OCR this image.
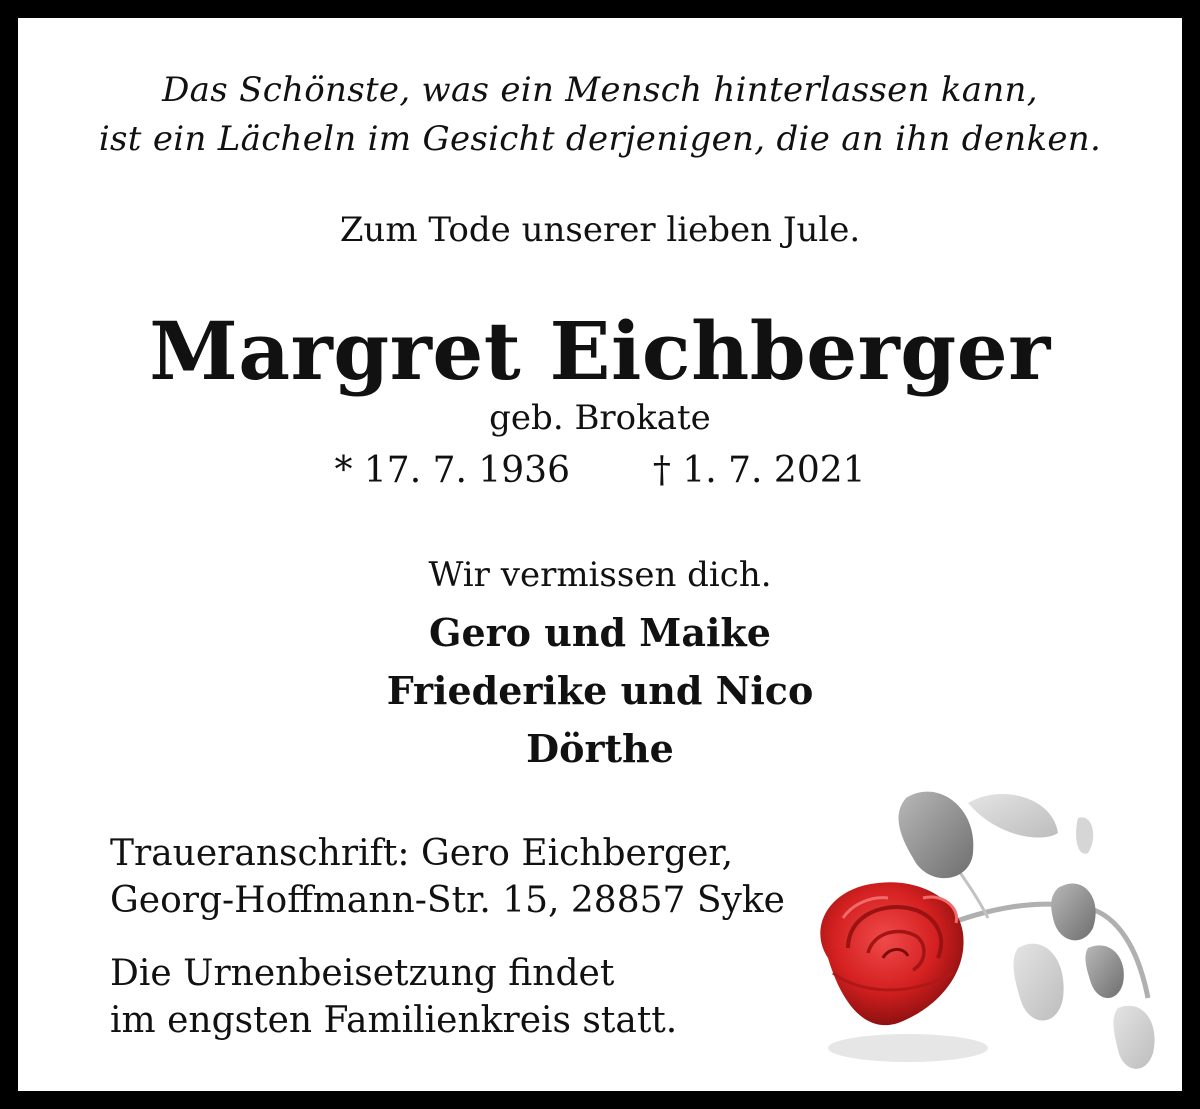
Das Schönste, was ein Mensch hinterlassen kann,
ist ein Lächeln im Gesicht derjenigen, die an ihn denken.
Zum Tode unserer lieben Jule.
Margret Eichberger
geb. Brokate
* 17. 7. 1936 † 1. 7. 2021
Wir vermissen dich.
Gero und Maike
Friederike und Nico
Dörthe
Traueranschrift: Gero Eichberger,
Georg-Hoffmann-Str. 15, 28857 Syke
Die Urnenbeisetzung findet
im engsten Familienkreis statt.
